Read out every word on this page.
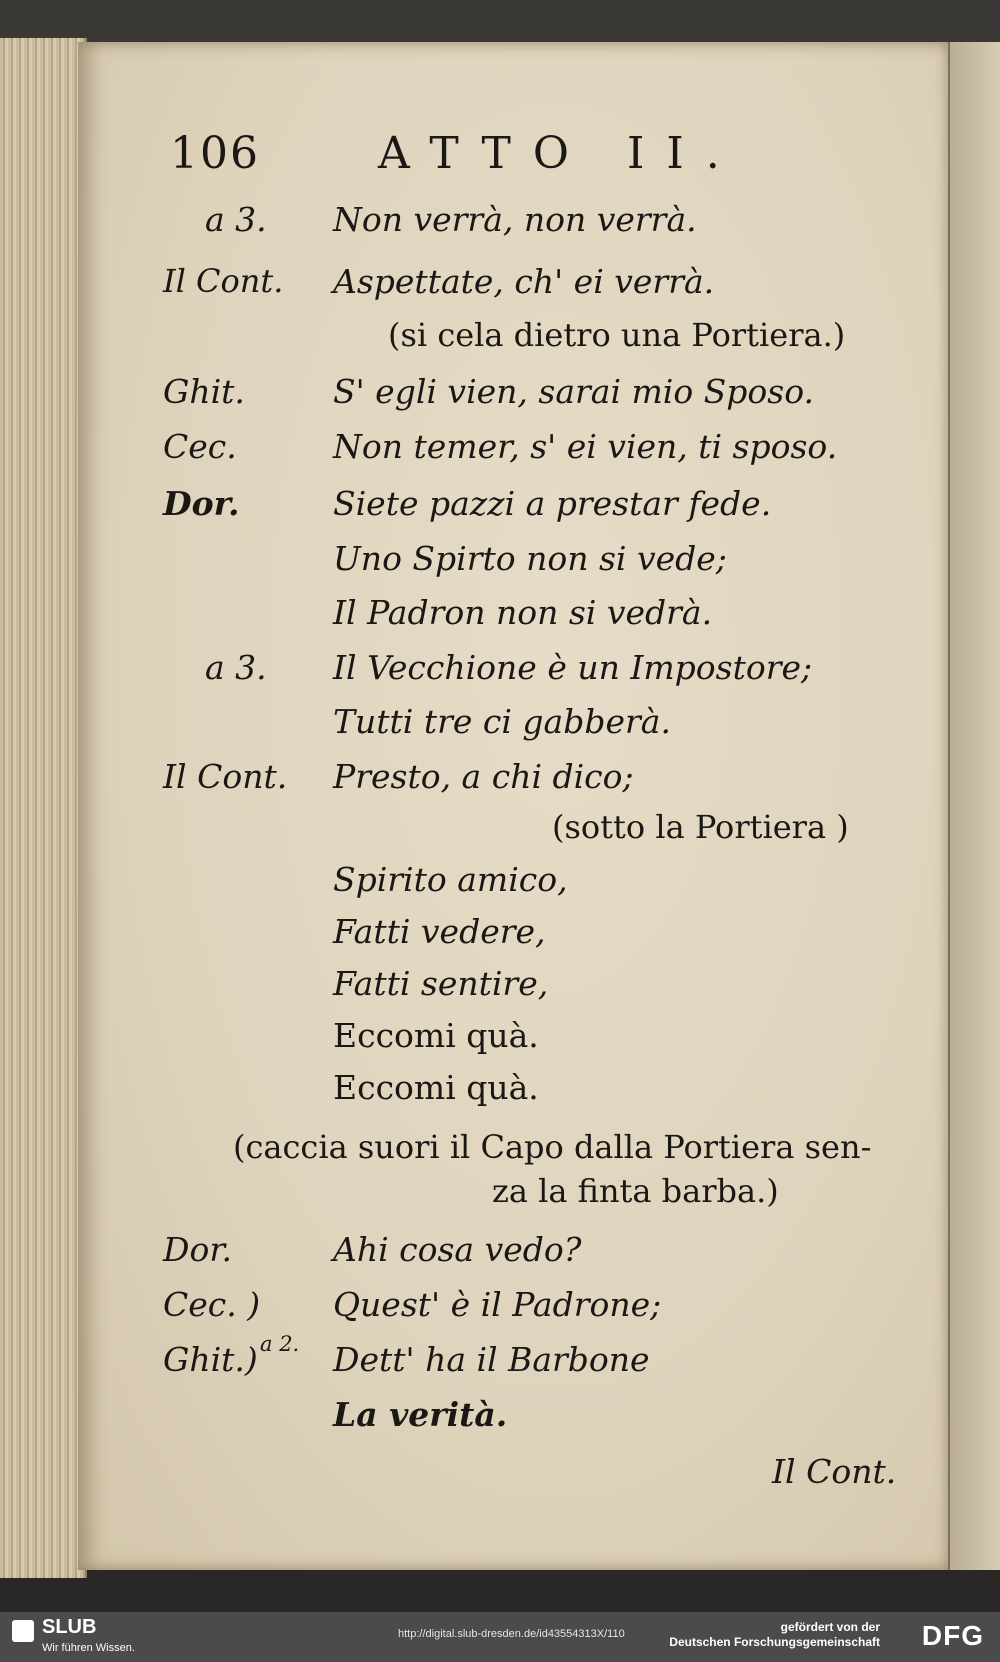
106	ATTO II.
a 3. Non verrà, non verrà.
Il Cont. Aspettate, ch' ei verrà.
(si cela dietro una Portiera.)
Ghit.	S' egli vien, sarai mio Sposo.
Cec.	Non temer, s' ei vien, ti sposo.
Dor.	Siete pazzi a prestar fede.
Uno Spirto non si vede;
Il Padron non si vedrà.
a 3. Il Vecchione è un Impostore;
Tutti tre ci gabberà.
Il Cont. Presto, a chi dico;
(sotto la Portiera )
Spirito amico,
Fatti vedere,
Fatti sentire,
Eccomi quà.
Eccomi quà.
(caccia suori il Capo dalla Portiera sen-
za la finta barba.)
Dor.	Ahi cosa vedo?
Cec. ) Quest' è il Padrone;
Ghit.) a 2. Dett' ha il Barbone
La verità.
Il Cont.
SLUB
Wir führen Wissen.
http://digital.slub-dresden.de/id43554313X/110	gefördert von der
Deutschen Forschungsgemeinschaft DFG
